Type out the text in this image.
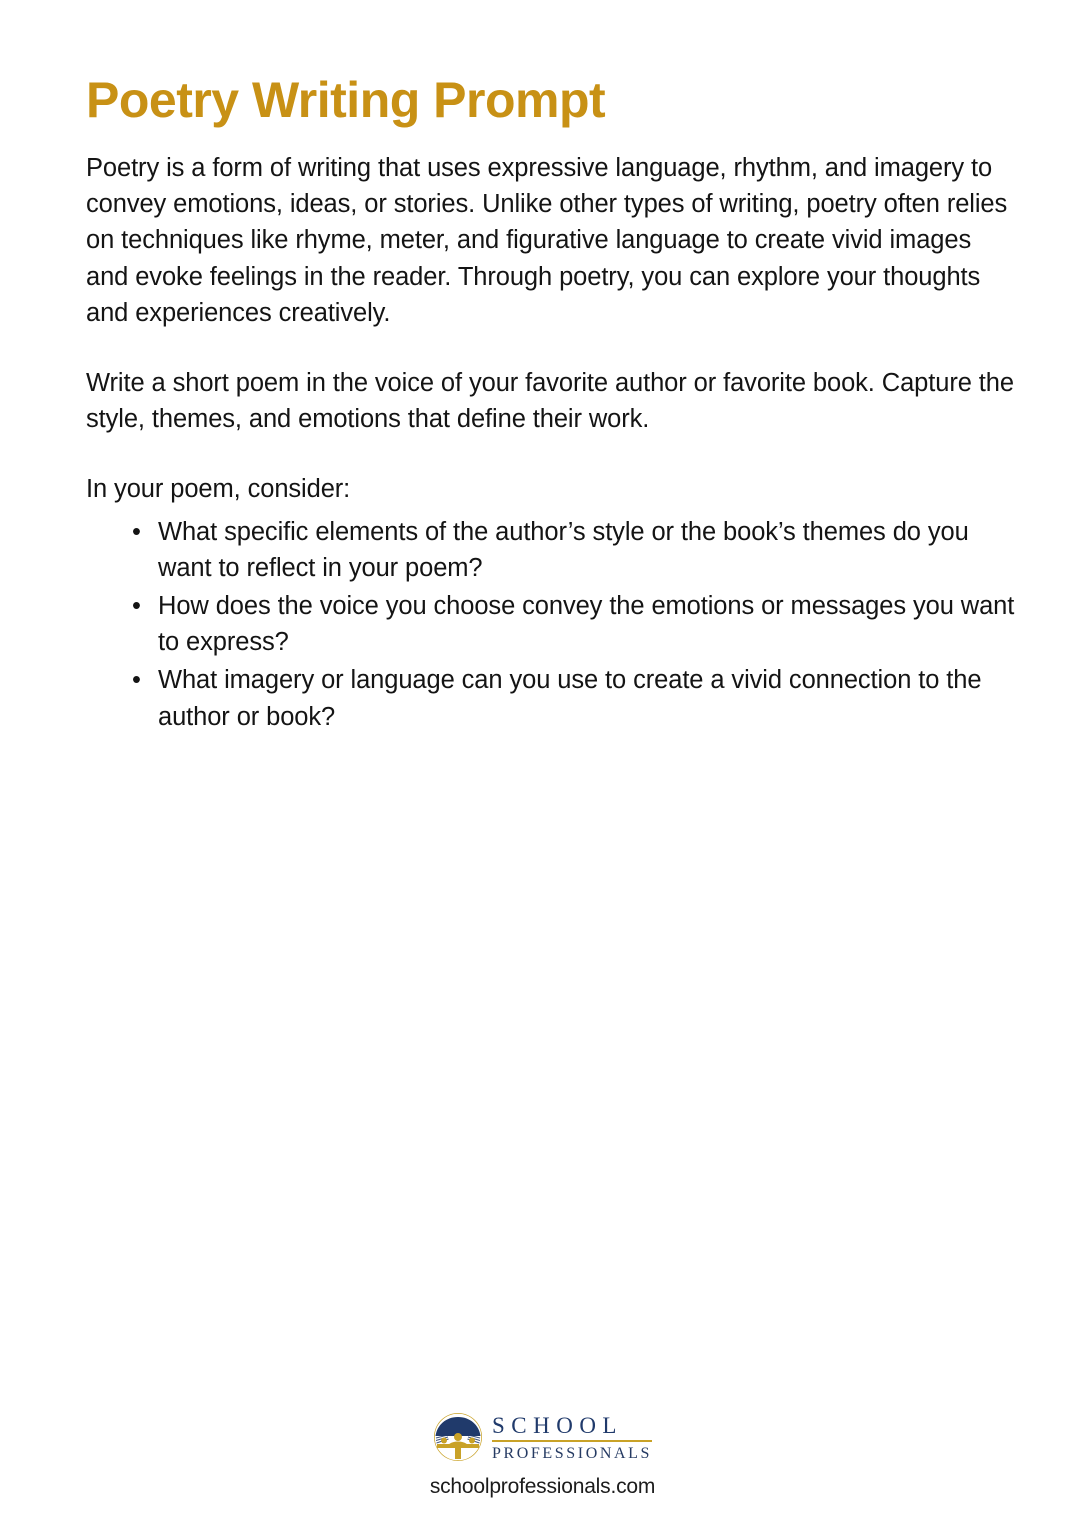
Poetry Writing Prompt

Poetry is a form of writing that uses expressive language, rhythm, and imagery to convey emotions, ideas, or stories. Unlike other types of writing, poetry often relies on techniques like rhyme, meter, and figurative language to create vivid images and evoke feelings in the reader. Through poetry, you can explore your thoughts and experiences creatively.

Write a short poem in the voice of your favorite author or favorite book. Capture the style, themes, and emotions that define their work.

In your poem, consider:

• What specific elements of the author’s style or the book’s themes do you want to reflect in your poem?
• How does the voice you choose convey the emotions or messages you want to express?
• What imagery or language can you use to create a vivid connection to the author or book?
SCHOOL
PROFESSIONALS
schoolprofessionals.com
